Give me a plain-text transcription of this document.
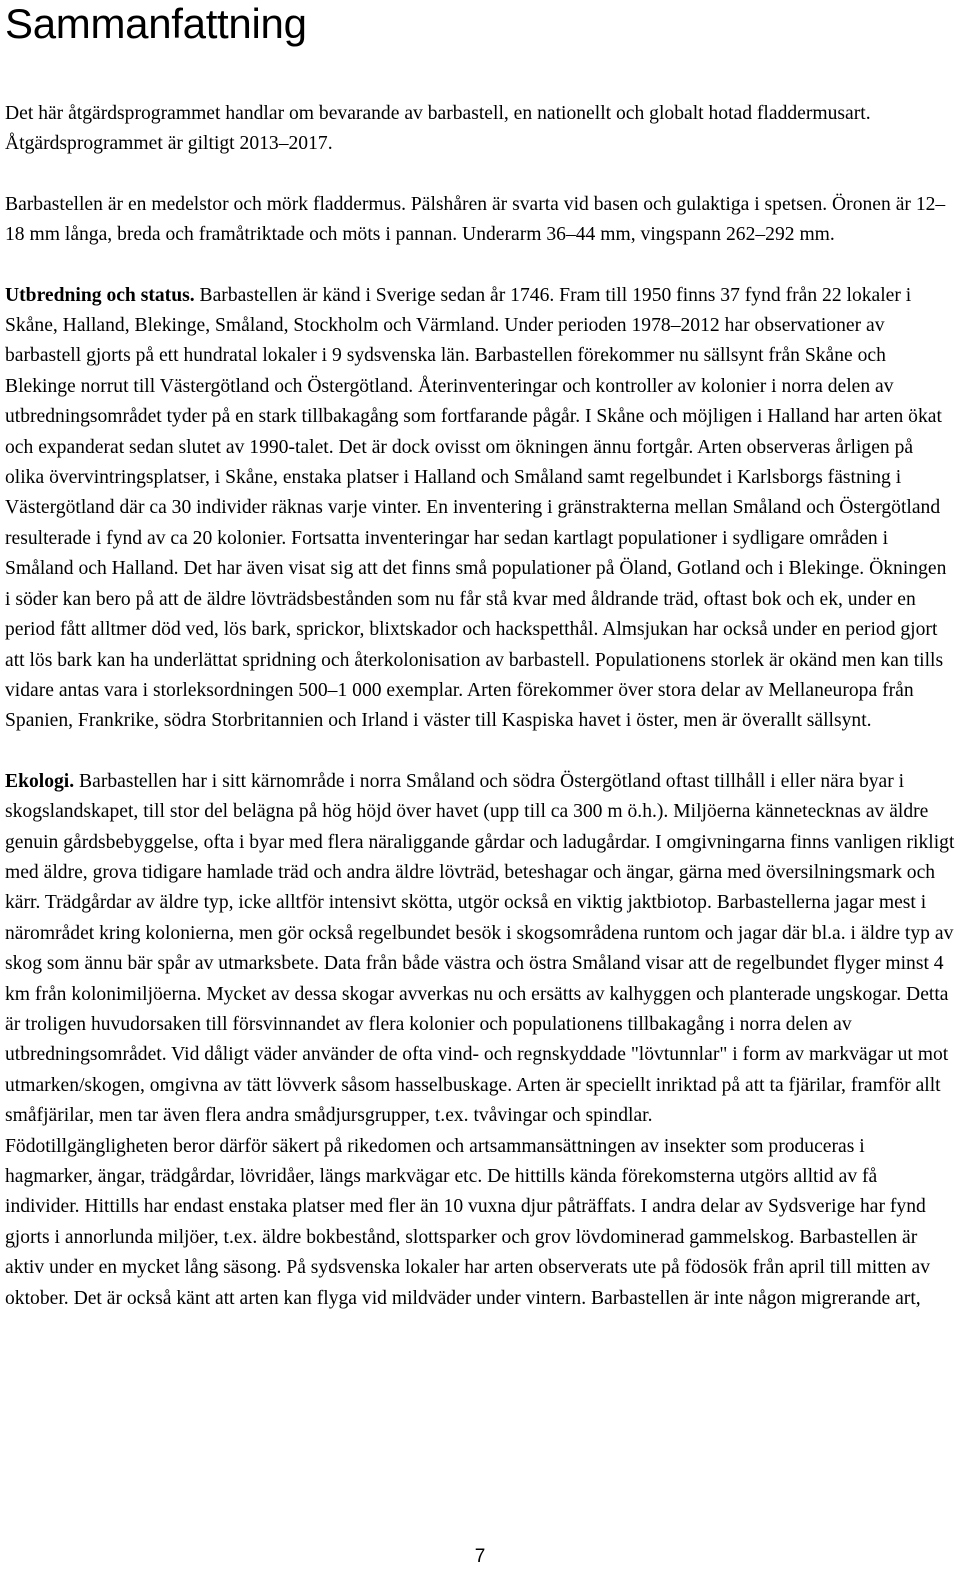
Sammanfattning

Det här åtgärdsprogrammet handlar om bevarande av barbastell, en nationellt och globalt hotad fladdermusart. Åtgärdsprogrammet är giltigt 2013–2017.

Barbastellen är en medelstor och mörk fladdermus. Pälshåren är svarta vid basen och gulaktiga i spetsen. Öronen är 12–18 mm långa, breda och framåtriktade och möts i pannan. Underarm 36–44 mm, vingspann 262–292 mm.

Utbredning och status. Barbastellen är känd i Sverige sedan år 1746. Fram till 1950 finns 37 fynd från 22 lokaler i Skåne, Halland, Blekinge, Småland, Stockholm och Värmland. Under perioden 1978–2012 har observationer av barbastell gjorts på ett hundratal lokaler i 9 sydsvenska län. Barbastellen förekommer nu sällsynt från Skåne och Blekinge norrut till Västergötland och Östergötland. Återinventeringar och kontroller av kolonier i norra delen av utbredningsområdet tyder på en stark tillbakagång som fortfarande pågår. I Skåne och möjligen i Halland har arten ökat och expanderat sedan slutet av 1990-talet. Det är dock ovisst om ökningen ännu fortgår. Arten observeras årligen på olika övervintringsplatser, i Skåne, enstaka platser i Halland och Småland samt regelbundet i Karlsborgs fästning i Västergötland där ca 30 individer räknas varje vinter. En inventering i gränstrakterna mellan Småland och Östergötland resulterade i fynd av ca 20 kolonier. Fortsatta inventeringar har sedan kartlagt populationer i sydligare områden i Småland och Halland. Det har även visat sig att det finns små populationer på Öland, Gotland och i Blekinge. Ökningen i söder kan bero på att de äldre lövträdsbestånden som nu får stå kvar med åldrande träd, oftast bok och ek, under en period fått alltmer död ved, lös bark, sprickor, blixtskador och hackspetthål. Almsjukan har också under en period gjort att lös bark kan ha underlättat spridning och återkolonisation av barbastell. Populationens storlek är okänd men kan tills vidare antas vara i storleksordningen 500–1 000 exemplar. Arten förekommer över stora delar av Mellaneuropa från Spanien, Frankrike, södra Storbritannien och Irland i väster till Kaspiska havet i öster, men är överallt sällsynt.

Ekologi. Barbastellen har i sitt kärnområde i norra Småland och södra Östergötland oftast tillhåll i eller nära byar i skogslandskapet, till stor del belägna på hög höjd över havet (upp till ca 300 m ö.h.). Miljöerna kännetecknas av äldre genuin gårdsbebyggelse, ofta i byar med flera näraliggande gårdar och ladugårdar. I omgivningarna finns vanligen rikligt med äldre, grova tidigare hamlade träd och andra äldre lövträd, beteshagar och ängar, gärna med översilningsmark och kärr. Trädgårdar av äldre typ, icke alltför intensivt skötta, utgör också en viktig jaktbiotop. Barbastellerna jagar mest i närområdet kring kolonierna, men gör också regelbundet besök i skogsområdena runtom och jagar där bl.a. i äldre typ av skog som ännu bär spår av utmarksbete. Data från både västra och östra Småland visar att de regelbundet flyger minst 4 km från kolonimiljöerna. Mycket av dessa skogar avverkas nu och ersätts av kalhyggen och planterade ungskogar. Detta är troligen huvudorsaken till försvinnandet av flera kolonier och populationens tillbakagång i norra delen av utbredningsområdet. Vid dåligt väder använder de ofta vind- och regnskyddade "lövtunnlar" i form av markvägar ut mot utmarken/skogen, omgivna av tätt lövverk såsom hasselbuskage. Arten är speciellt inriktad på att ta fjärilar, framför allt småfjärilar, men tar även flera andra smådjursgrupper, t.ex. tvåvingar och spindlar.

Födotillgängligheten beror därför säkert på rikedomen och artsammansättningen av insekter som produceras i hagmarker, ängar, trädgårdar, lövridåer, längs markvägar etc. De hittills kända förekomsterna utgörs alltid av få individer. Hittills har endast enstaka platser med fler än 10 vuxna djur påträffats. I andra delar av Sydsverige har fynd gjorts i annorlunda miljöer, t.ex. äldre bokbestånd, slottsparker och grov lövdominerad gammelskog. Barbastellen är aktiv under en mycket lång säsong. På sydsvenska lokaler har arten observerats ute på födosök från april till mitten av oktober. Det är också känt att arten kan flyga vid mildväder under vintern. Barbastellen är inte någon migrerande art,

7
